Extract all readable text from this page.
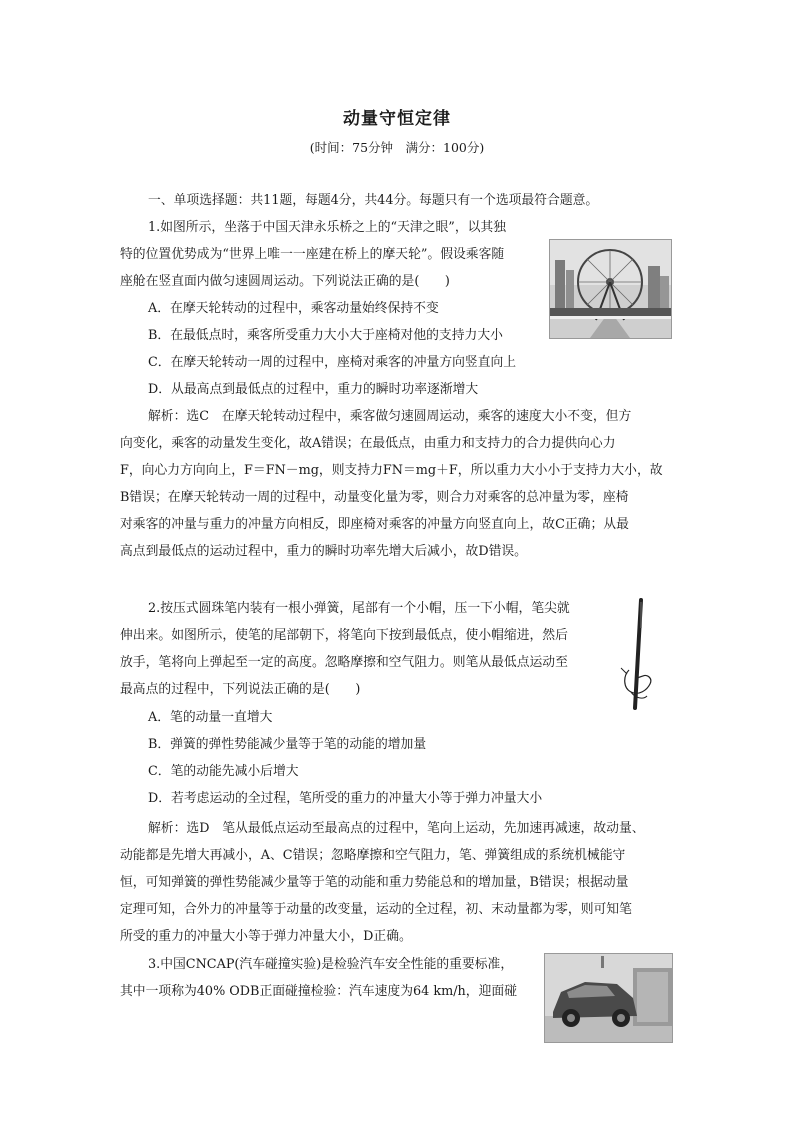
动量守恒定律
(时间：75分钟　满分：100分)
一、单项选择题：共11题，每题4分，共44分。每题只有一个选项最符合题意。
1.如图所示，坐落于中国天津永乐桥之上的“天津之眼”，以其独
特的位置优势成为“世界上唯一一座建在桥上的摩天轮”。假设乘客随
座舱在竖直面内做匀速圆周运动。下列说法正确的是(　　)
A．在摩天轮转动的过程中，乘客动量始终保持不变
B．在最低点时，乘客所受重力大小大于座椅对他的支持力大小
C．在摩天轮转动一周的过程中，座椅对乘客的冲量方向竖直向上
D．从最高点到最低点的过程中，重力的瞬时功率逐渐增大
解析：选C　在摩天轮转动过程中，乘客做匀速圆周运动，乘客的速度大小不变，但方
向变化，乘客的动量发生变化，故A错误；在最低点，由重力和支持力的合力提供向心力
F，向心力方向向上，F＝FN－mg，则支持力FN＝mg＋F，所以重力大小小于支持力大小，故
B错误；在摩天轮转动一周的过程中，动量变化量为零，则合力对乘客的总冲量为零，座椅
对乘客的冲量与重力的冲量方向相反，即座椅对乘客的冲量方向竖直向上，故C正确；从最
高点到最低点的运动过程中，重力的瞬时功率先增大后减小，故D错误。
2.按压式圆珠笔内装有一根小弹簧，尾部有一个小帽，压一下小帽，笔尖就
伸出来。如图所示，使笔的尾部朝下，将笔向下按到最低点，使小帽缩进，然后
放手，笔将向上弹起至一定的高度。忽略摩擦和空气阻力。则笔从最低点运动至
最高点的过程中，下列说法正确的是(　　)
A．笔的动量一直增大
B．弹簧的弹性势能减少量等于笔的动能的增加量
C．笔的动能先减小后增大
D．若考虑运动的全过程，笔所受的重力的冲量大小等于弹力冲量大小
解析：选D　笔从最低点运动至最高点的过程中，笔向上运动，先加速再减速，故动量、
动能都是先增大再减小，A、C错误；忽略摩擦和空气阻力，笔、弹簧组成的系统机械能守
恒，可知弹簧的弹性势能减少量等于笔的动能和重力势能总和的增加量，B错误；根据动量
定理可知，合外力的冲量等于动量的改变量，运动的全过程，初、末动量都为零，则可知笔
所受的重力的冲量大小等于弹力冲量大小，D正确。
3.中国CNCAP(汽车碰撞实验)是检验汽车安全性能的重要标准，
其中一项称为40% ODB正面碰撞检验：汽车速度为64 km/h，迎面碰
